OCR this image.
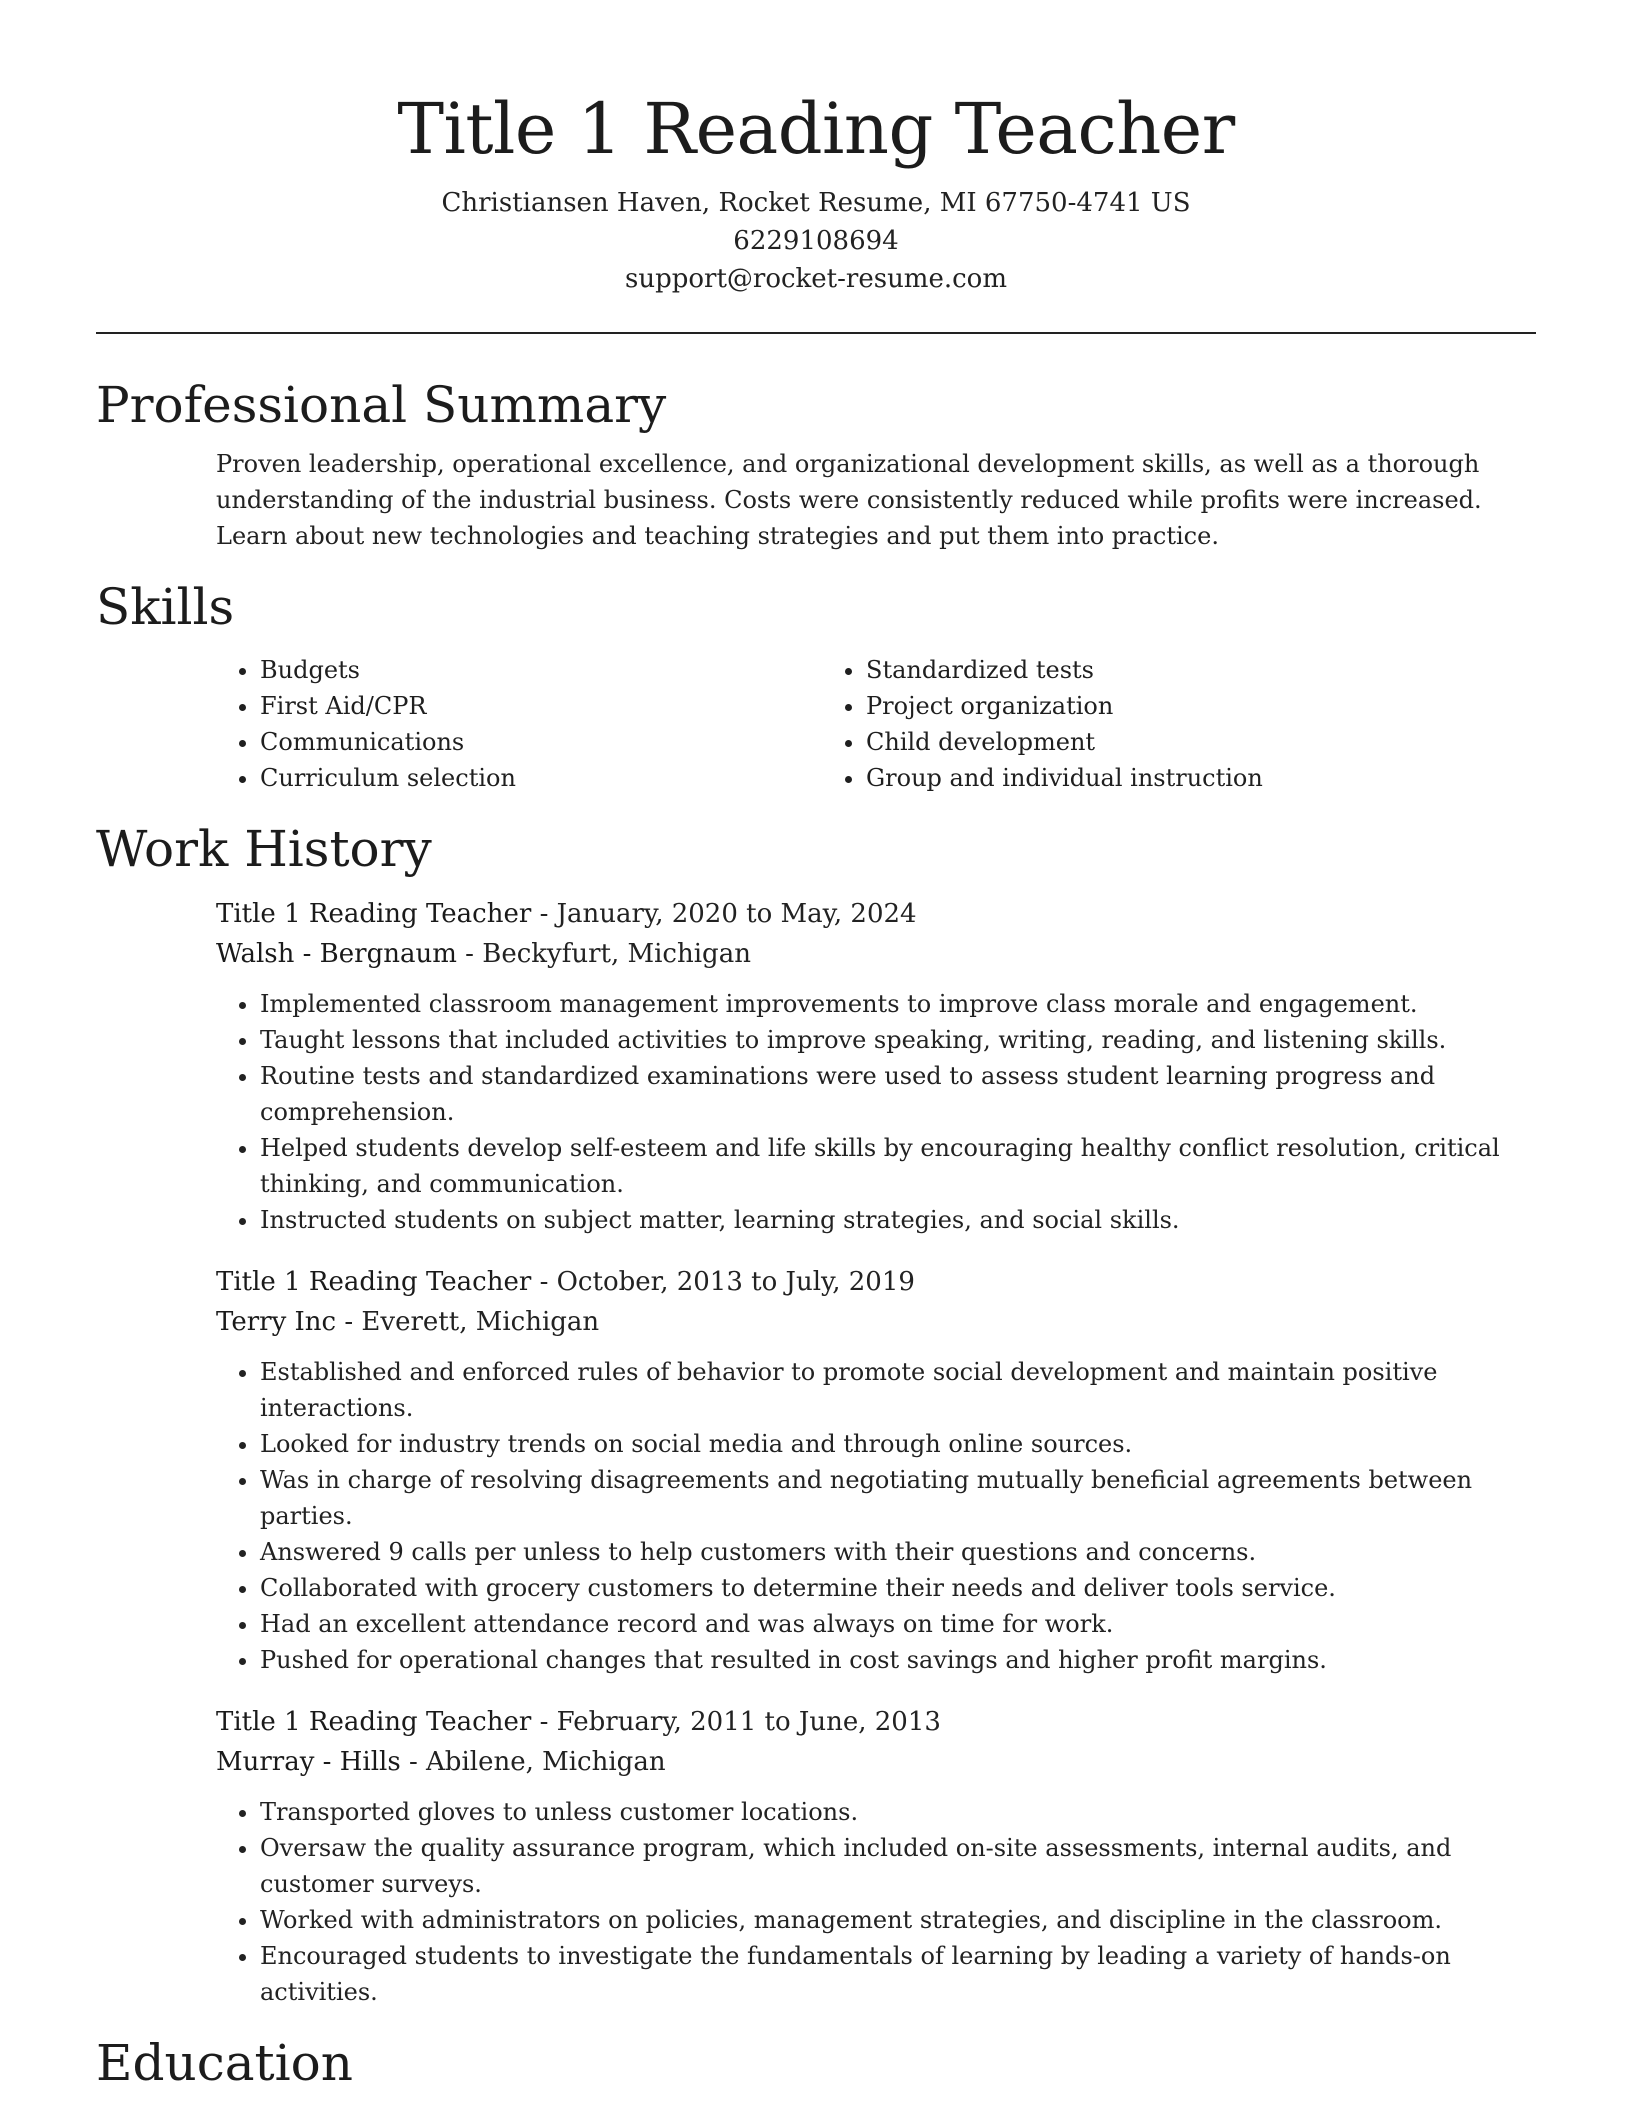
Title 1 Reading Teacher
Christiansen Haven, Rocket Resume, MI 67750-4741 US
6229108694
support@rocket-resume.com
Professional Summary

Proven leadership, operational excellence, and organizational development skills, as well as a thorough understanding of the industrial business. Costs were consistently reduced while profits were increased. Learn about new technologies and teaching strategies and put them into practice.

Skills
• Budgets
• First Aid/CPR
• Communications
• Curriculum selection
• Standardized tests
• Project organization
• Child development
• Group and individual instruction
Work History
Title 1 Reading Teacher - January, 2020 to May, 2024
Walsh - Bergnaum - Beckyfurt, Michigan
• Implemented classroom management improvements to improve class morale and engagement.
• Taught lessons that included activities to improve speaking, writing, reading, and listening skills.
• Routine tests and standardized examinations were used to assess student learning progress and comprehension.
• Helped students develop self-esteem and life skills by encouraging healthy conflict resolution, critical thinking, and communication.
• Instructed students on subject matter, learning strategies, and social skills.
Title 1 Reading Teacher - October, 2013 to July, 2019
Terry Inc - Everett, Michigan
• Established and enforced rules of behavior to promote social development and maintain positive interactions.
• Looked for industry trends on social media and through online sources.
• Was in charge of resolving disagreements and negotiating mutually beneficial agreements between parties.
• Answered 9 calls per unless to help customers with their questions and concerns.
• Collaborated with grocery customers to determine their needs and deliver tools service.
• Had an excellent attendance record and was always on time for work.
• Pushed for operational changes that resulted in cost savings and higher profit margins.
Title 1 Reading Teacher - February, 2011 to June, 2013
Murray - Hills - Abilene, Michigan
• Transported gloves to unless customer locations.
• Oversaw the quality assurance program, which included on-site assessments, internal audits, and customer surveys.
• Worked with administrators on policies, management strategies, and discipline in the classroom.
• Encouraged students to investigate the fundamentals of learning by leading a variety of hands-on activities.
Education
